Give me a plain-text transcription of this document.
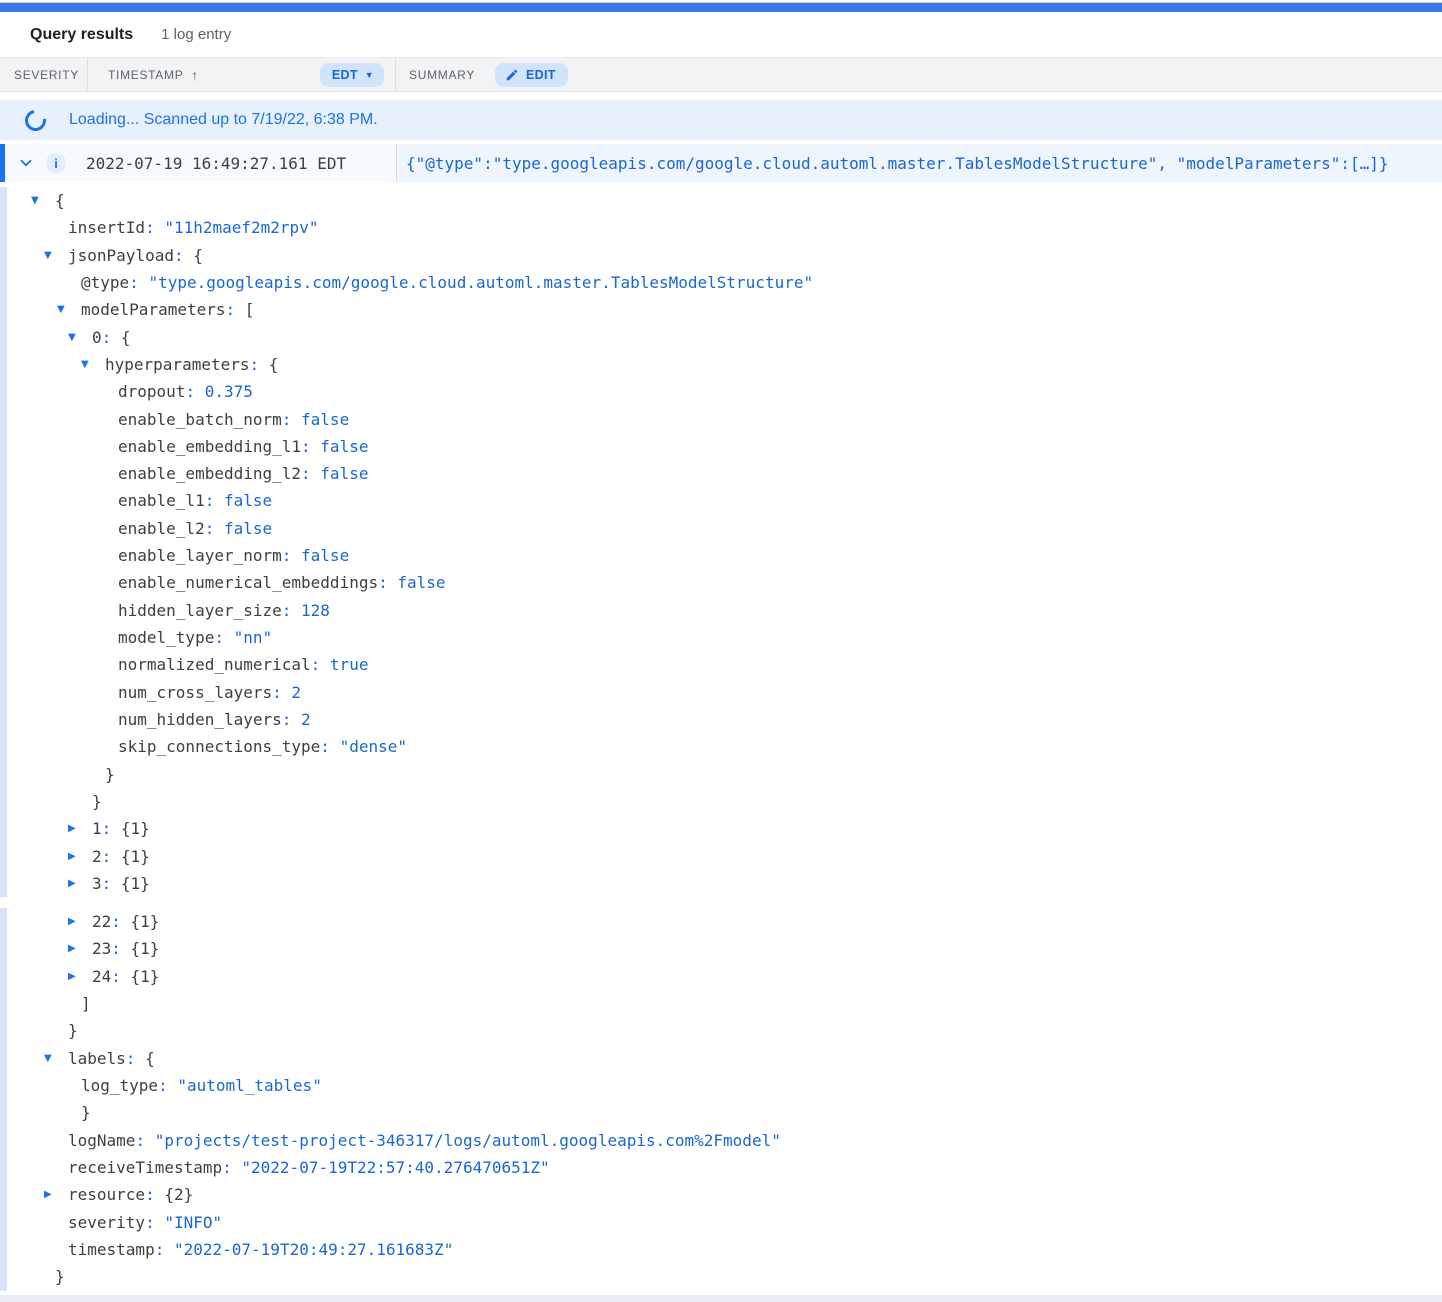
Query results 1 log entry
SEVERITY TIMESTAMP ↑	EDT ▼	SUMMARY	EDIT
Loading... Scanned up to 7/19/22, 6:38 PM.
i	2022-07-19 16:49:27.161 EDT	{"@type":"type.googleapis.com/google.cloud.automl.master.TablesModelStructure", "modelParameters":[…]}
▼ {
insertId: "11h2maef2m2rpv"
▼ jsonPayload: {
@type: "type.googleapis.com/google.cloud.automl.master.TablesModelStructure"
▼ modelParameters: [
▼ 0: {
▼ hyperparameters: {
dropout: 0.375
enable_batch_norm: false
enable_embedding_l1: false
enable_embedding_l2: false
enable_l1: false
enable_l2: false
enable_layer_norm: false
enable_numerical_embeddings: false
hidden_layer_size: 128
model_type: "nn"
normalized_numerical: true
num_cross_layers: 2
num_hidden_layers: 2
skip_connections_type: "dense"
}
}
▶ 1: {1}
▶ 2: {1}
▶ 3: {1}
▶ 22: {1}
▶ 23: {1}
▶ 24: {1}
]
}
▼ labels: {
log_type: "automl_tables"
}
logName: "projects/test-project-346317/logs/automl.googleapis.com%2Fmodel"
receiveTimestamp: "2022-07-19T22:57:40.276470651Z"
▶ resource: {2}
severity: "INFO"
timestamp: "2022-07-19T20:49:27.161683Z"
}
